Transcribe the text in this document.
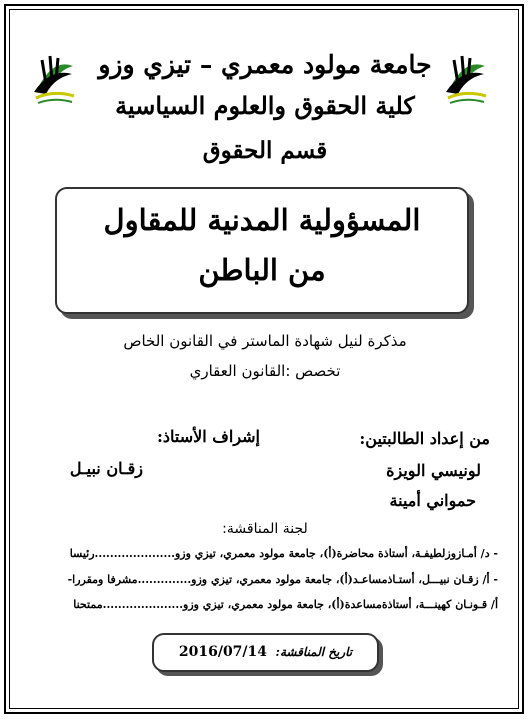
جامعة مولود معمري – تيزي وزو
كلية الحقوق والعلوم السياسية
قسم الحقوق
المسؤولية المدنية للمقاول
من الباطن
مذكرة لنيل شهادة الماستر في القانون الخاص
تخصص :القانون العقاري
من إعداد الطالبتين:
إشراف الأستاذ:
لونيسي الويزة
حمواني أمينة
زقـان نبيـل
لجنة المناقشة:
- د/ أمـازوزلطيفـة، أستاذة محاضرة(أ)، جامعة مولود معمري، تيزي وزو.....................رئيسا
- أ/ زقـان نبيـــل، أستـاذمساعـد(أ)، جامعة مولود معمري، تيزي وزو..............مشرفا ومقررا-
أ/ قـونـان كهينـــة، أستاذةمساعدة(أ)، جامعة مولود معمري، تيزي وزو.....................ممتحنا
تاريخ المناقشة: 2016/07/14
